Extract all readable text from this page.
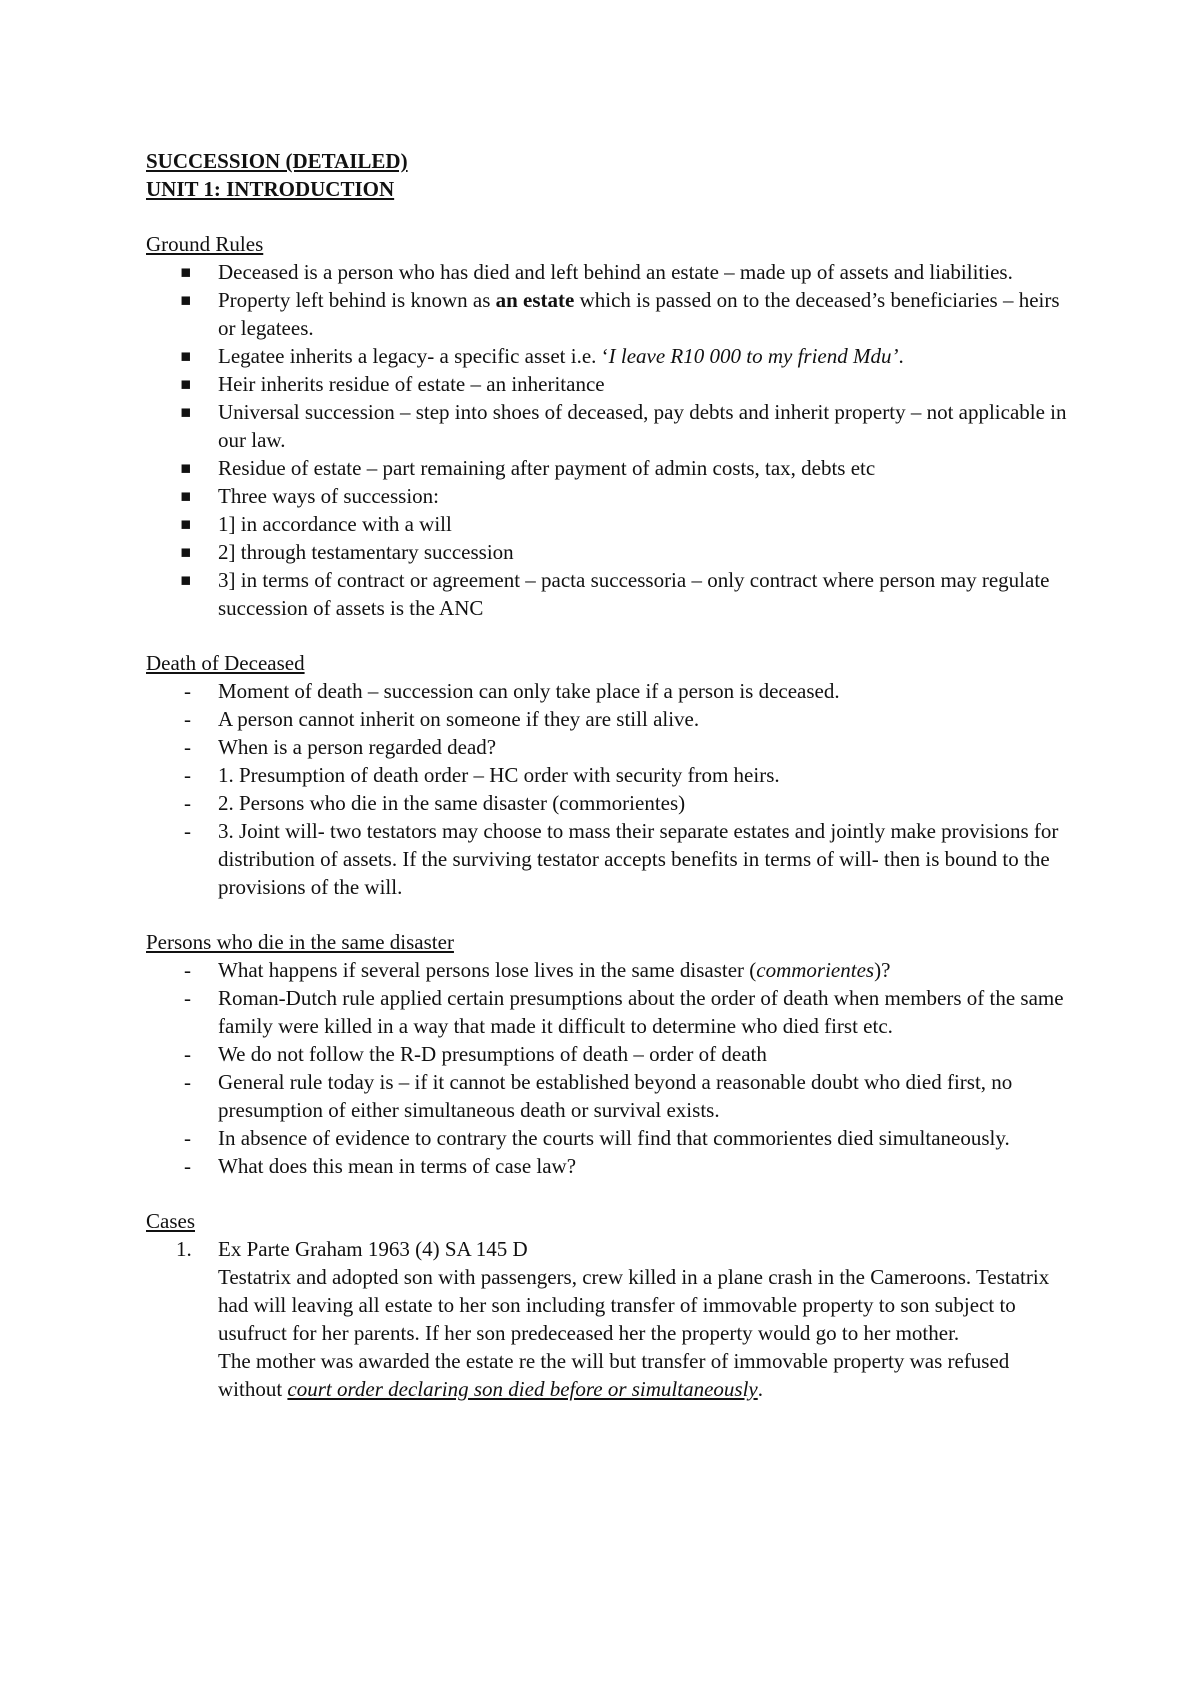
SUCCESSION (DETAILED)
UNIT 1: INTRODUCTION
Ground Rules
▪ Deceased is a person who has died and left behind an estate – made up of assets and liabilities.
▪ Property left behind is known as an estate which is passed on to the deceased’s beneficiaries – heirs or legatees.
▪ Legatee inherits a legacy- a specific asset i.e. ‘I leave R10 000 to my friend Mdu’.
▪ Heir inherits residue of estate – an inheritance
▪ Universal succession – step into shoes of deceased, pay debts and inherit property – not applicable in our law.
▪ Residue of estate – part remaining after payment of admin costs, tax, debts etc
▪ Three ways of succession:
▪ 1] in accordance with a will
▪ 2] through testamentary succession
▪ 3] in terms of contract or agreement – pacta successoria – only contract where person may regulate succession of assets is the ANC
Death of Deceased
- Moment of death – succession can only take place if a person is deceased.
- A person cannot inherit on someone if they are still alive.
- When is a person regarded dead?
- 1. Presumption of death order – HC order with security from heirs.
- 2. Persons who die in the same disaster (commorientes)
- 3. Joint will- two testators may choose to mass their separate estates and jointly make provisions for distribution of assets. If the surviving testator accepts benefits in terms of will- then is bound to the provisions of the will.
Persons who die in the same disaster
- What happens if several persons lose lives in the same disaster (commorientes)?
- Roman-Dutch rule applied certain presumptions about the order of death when members of the same family were killed in a way that made it difficult to determine who died first etc.
- We do not follow the R-D presumptions of death – order of death
- General rule today is – if it cannot be established beyond a reasonable doubt who died first, no presumption of either simultaneous death or survival exists.
- In absence of evidence to contrary the courts will find that commorientes died simultaneously.
- What does this mean in terms of case law?
Cases
1. Ex Parte Graham 1963 (4) SA 145 D
Testatrix and adopted son with passengers, crew killed in a plane crash in the Cameroons. Testatrix had will leaving all estate to her son including transfer of immovable property to son subject to usufruct for her parents. If her son predeceased her the property would go to her mother.
The mother was awarded the estate re the will but transfer of immovable property was refused without court order declaring son died before or simultaneously.
